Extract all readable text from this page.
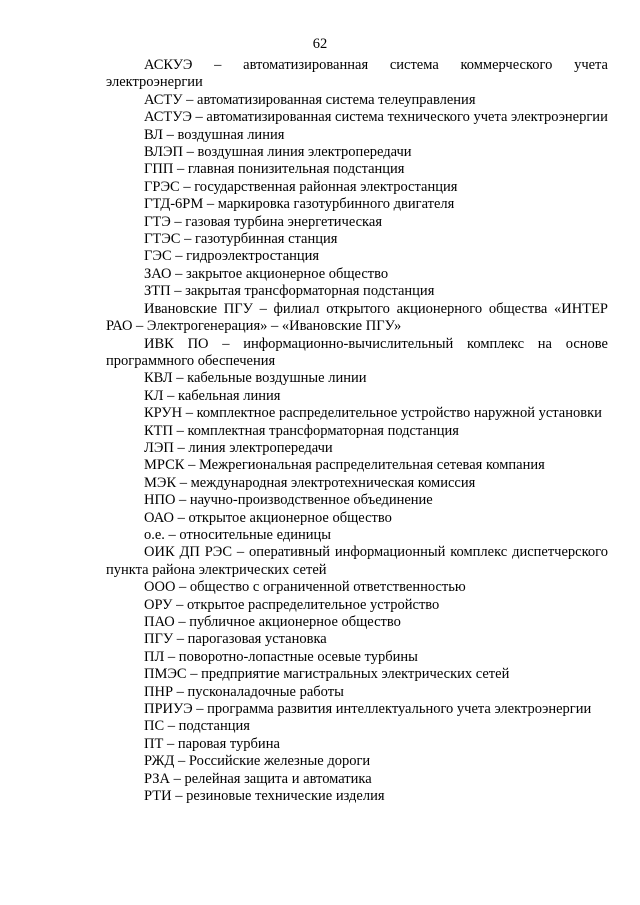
62

АСКУЭ – автоматизированная система коммерческого учета электроэнергии

АСТУ – автоматизированная система телеуправления

АСТУЭ – автоматизированная система технического учета электроэнергии

ВЛ – воздушная линия

ВЛЭП – воздушная линия электропередачи

ГПП – главная понизительная подстанция

ГРЭС – государственная районная электростанция

ГТД-6РМ – маркировка газотурбинного двигателя

ГТЭ – газовая турбина энергетическая

ГТЭС – газотурбинная станция

ГЭС – гидроэлектростанция

ЗАО – закрытое акционерное общество

ЗТП – закрытая трансформаторная подстанция

Ивановские ПГУ – филиал открытого акционерного общества «ИНТЕР РАО – Электрогенерация» – «Ивановские ПГУ»

ИВК ПО – информационно-вычислительный комплекс на основе программного обеспечения

КВЛ – кабельные воздушные линии

КЛ – кабельная линия

КРУН – комплектное распределительное устройство наружной установки

КТП – комплектная трансформаторная подстанция

ЛЭП – линия электропередачи

МРСК – Межрегиональная распределительная сетевая компания

МЭК – международная электротехническая комиссия

НПО – научно-производственное объединение

ОАО – открытое акционерное общество

о.е. – относительные единицы

ОИК ДП РЭС – оперативный информационный комплекс диспетчерского пункта района электрических сетей

ООО – общество с ограниченной ответственностью

ОРУ – открытое распределительное устройство

ПАО – публичное акционерное общество

ПГУ – парогазовая установка

ПЛ – поворотно-лопастные осевые турбины

ПМЭС – предприятие магистральных электрических сетей

ПНР – пусконаладочные работы

ПРИУЭ – программа развития интеллектуального учета электроэнергии

ПС – подстанция

ПТ – паровая турбина

РЖД – Российские железные дороги

РЗА – релейная защита и автоматика

РТИ – резиновые технические изделия
